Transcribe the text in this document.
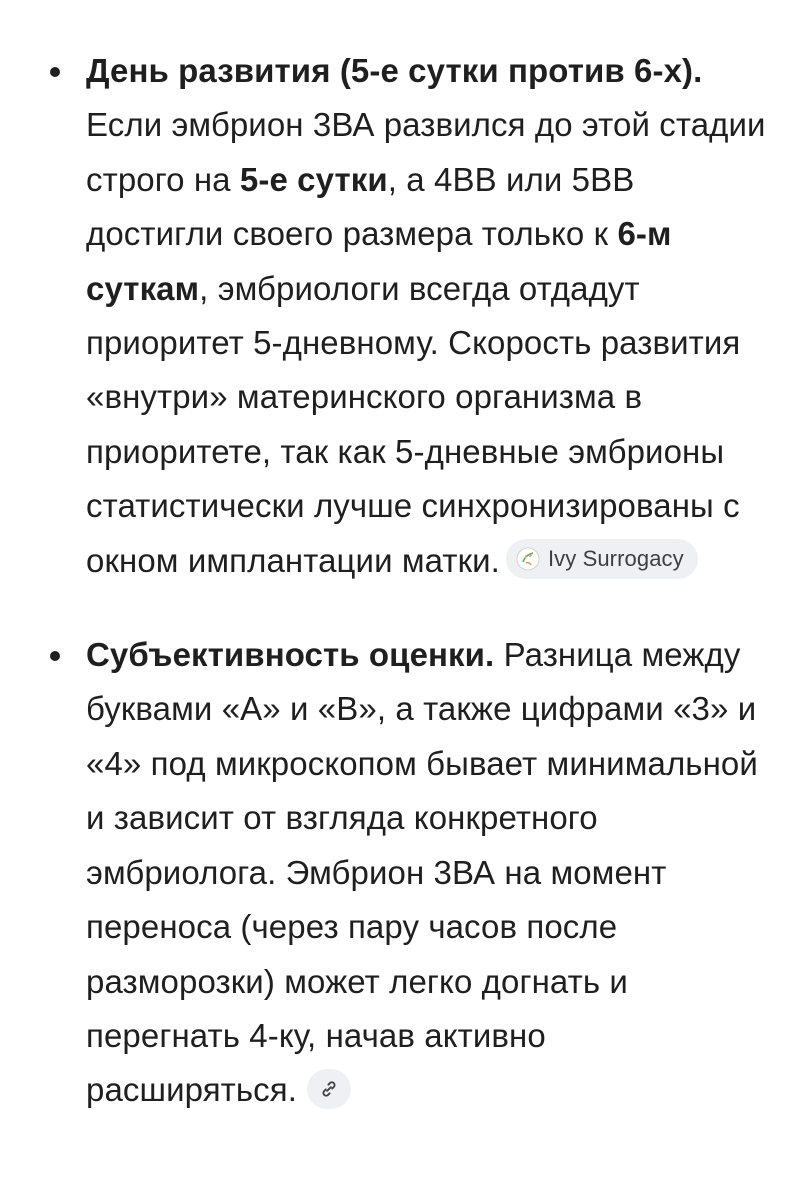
День развития (5-е сутки против 6-х). Если эмбрион 3ВА развился до этой стадии строго на 5-е сутки, а 4ВВ или 5ВВ достигли своего размера только к 6-м суткам, эмбриологи всегда отдадут приоритет 5-дневному. Скорость развития «внутри» материнского организма в приоритете, так как 5-дневные эмбрионы статистически лучше синхронизированы с окном имплантации матки. Ivy Surrogacy
Субъективность оценки. Разница между буквами «А» и «В», а также цифрами «3» и «4» под микроскопом бывает минимальной и зависит от взгляда конкретного эмбриолога. Эмбрион 3ВА на момент переноса (через пару часов после разморозки) может легко догнать и перегнать 4-ку, начав активно расширяться.
